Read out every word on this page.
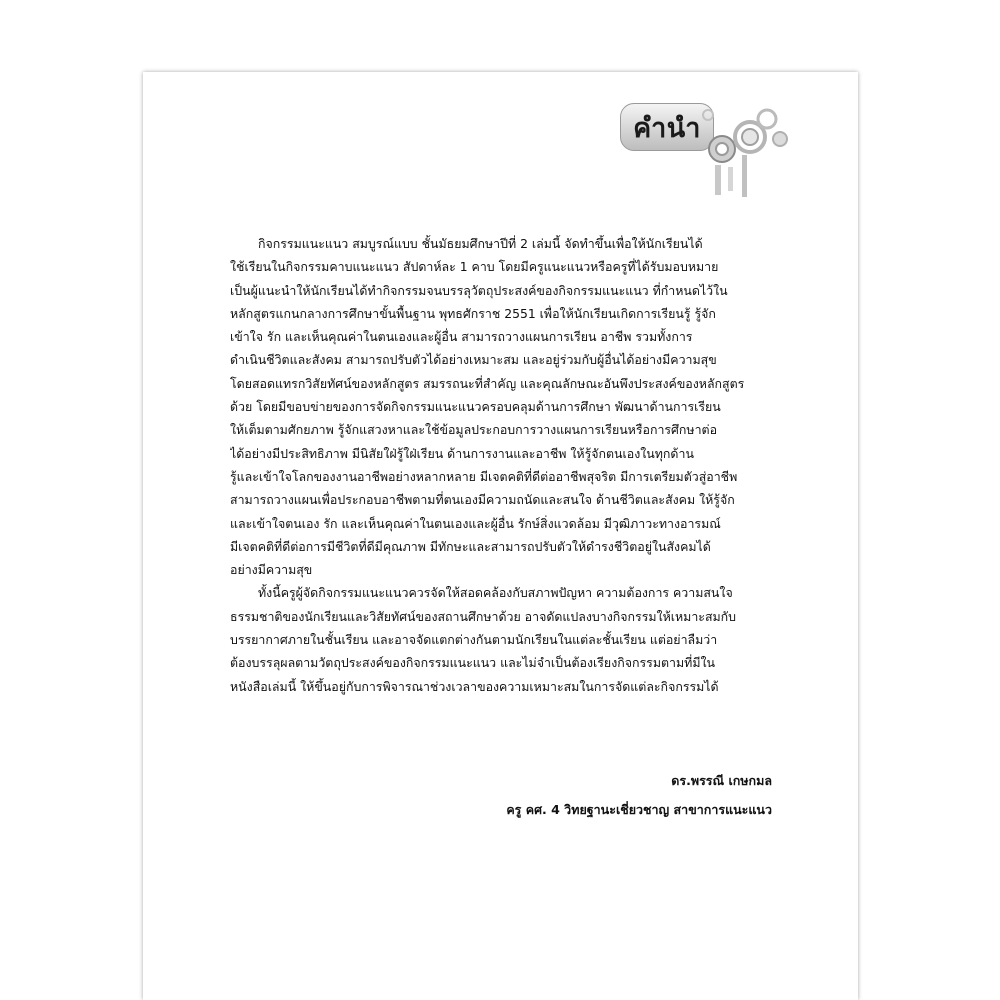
คำนำ
กิจกรรมแนะแนว สมบูรณ์แบบ ชั้นมัธยมศึกษาปีที่ 2 เล่มนี้ จัดทำขึ้นเพื่อให้นักเรียนได้
ใช้เรียนในกิจกรรมคาบแนะแนว สัปดาห์ละ 1 คาบ โดยมีครูแนะแนวหรือครูที่ได้รับมอบหมาย
เป็นผู้แนะนำให้นักเรียนได้ทำกิจกรรมจนบรรลุวัตถุประสงค์ของกิจกรรมแนะแนว ที่กำหนดไว้ใน
หลักสูตรแกนกลางการศึกษาขั้นพื้นฐาน พุทธศักราช 2551 เพื่อให้นักเรียนเกิดการเรียนรู้ รู้จัก
เข้าใจ รัก และเห็นคุณค่าในตนเองและผู้อื่น สามารถวางแผนการเรียน อาชีพ รวมทั้งการ
ดำเนินชีวิตและสังคม สามารถปรับตัวได้อย่างเหมาะสม และอยู่ร่วมกับผู้อื่นได้อย่างมีความสุข
โดยสอดแทรกวิสัยทัศน์ของหลักสูตร สมรรถนะที่สำคัญ และคุณลักษณะอันพึงประสงค์ของหลักสูตร
ด้วย โดยมีขอบข่ายของการจัดกิจกรรมแนะแนวครอบคลุมด้านการศึกษา พัฒนาด้านการเรียน
ให้เต็มตามศักยภาพ รู้จักแสวงหาและใช้ข้อมูลประกอบการวางแผนการเรียนหรือการศึกษาต่อ
ได้อย่างมีประสิทธิภาพ มีนิสัยใฝ่รู้ใฝ่เรียน ด้านการงานและอาชีพ ให้รู้จักตนเองในทุกด้าน
รู้และเข้าใจโลกของงานอาชีพอย่างหลากหลาย มีเจตคติที่ดีต่ออาชีพสุจริต มีการเตรียมตัวสู่อาชีพ
สามารถวางแผนเพื่อประกอบอาชีพตามที่ตนเองมีความถนัดและสนใจ ด้านชีวิตและสังคม ให้รู้จัก
และเข้าใจตนเอง รัก และเห็นคุณค่าในตนเองและผู้อื่น รักษ์สิ่งแวดล้อม มีวุฒิภาวะทางอารมณ์
มีเจตคติที่ดีต่อการมีชีวิตที่ดีมีคุณภาพ มีทักษะและสามารถปรับตัวให้ดำรงชีวิตอยู่ในสังคมได้
อย่างมีความสุข
ทั้งนี้ครูผู้จัดกิจกรรมแนะแนวควรจัดให้สอดคล้องกับสภาพปัญหา ความต้องการ ความสนใจ
ธรรมชาติของนักเรียนและวิสัยทัศน์ของสถานศึกษาด้วย อาจดัดแปลงบางกิจกรรมให้เหมาะสมกับ
บรรยากาศภายในชั้นเรียน และอาจจัดแตกต่างกันตามนักเรียนในแต่ละชั้นเรียน แต่อย่าลืมว่า
ต้องบรรลุผลตามวัตถุประสงค์ของกิจกรรมแนะแนว และไม่จำเป็นต้องเรียงกิจกรรมตามที่มีใน
หนังสือเล่มนี้ ให้ขึ้นอยู่กับการพิจารณาช่วงเวลาของความเหมาะสมในการจัดแต่ละกิจกรรมได้
ดร.พรรณี เกษกมล
ครู คศ. 4 วิทยฐานะเชี่ยวชาญ สาขาการแนะแนว
